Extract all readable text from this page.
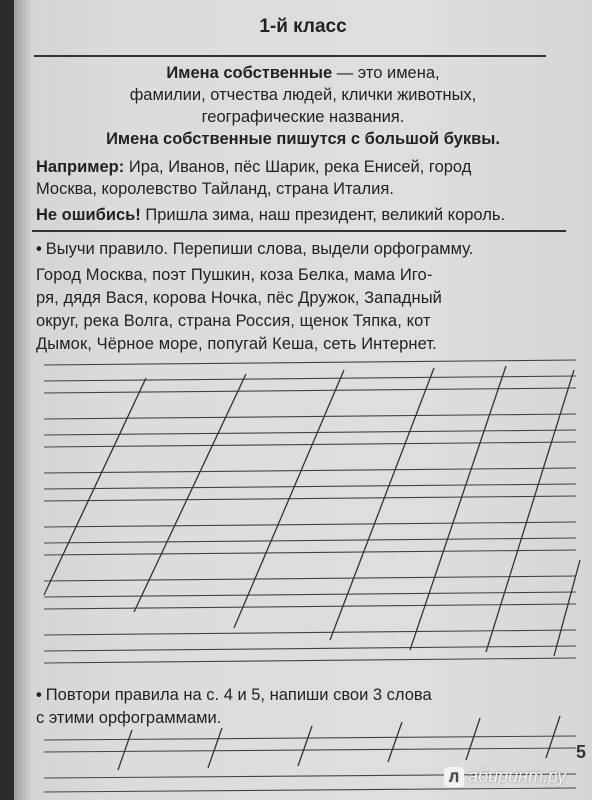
1-й класс
Имена собственные — это имена,
фамилии, отчества людей, клички животных,
географические названия.
Имена собственные пишутся с большой буквы.
Например: Ира, Иванов, пёс Шарик, река Енисей, город
Москва, королевство Тайланд, страна Италия.
Не ошибись! Пришла зима, наш президент, великий король.
• Выучи правило. Перепиши слова, выдели орфограмму.
Город Москва, поэт Пушкин, коза Белка, мама Иго-
ря, дядя Вася, корова Ночка, пёс Дружок, Западный
округ, река Волга, страна Россия, щенок Тяпка, кот
Дымок, Чёрное море, попугай Кеша, сеть Интернет.
• Повтори правила на с. 4 и 5, напиши свои 3 слова
с этими орфограммами.
5
Л абиринт.ру
